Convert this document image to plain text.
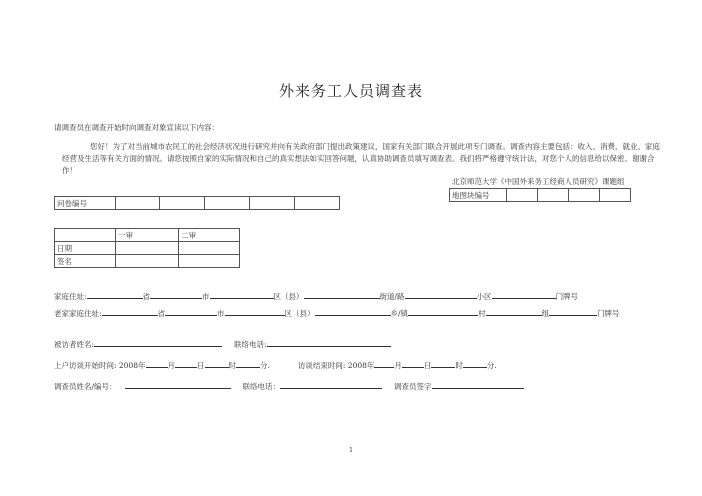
外来务工人员调查表
请调查员在调查开始时向调查对象宣读以下内容：
您好！为了对当前城市农民工的社会经济状况进行研究并向有关政府部门提出政策建议，国家有关部门联合开展此项专门调查。调查内容主要包括：收入、消费、就业、家庭经营及生活等有关方面的情况。请您按照自家的实际情况和自己的真实想法如实回答问题，认真协助调查员填写调查表。我们将严格遵守统计法，对您个人的信息给以保密。谢谢合作！
北京师范大学《中国外来务工经商人员研究》课题组
地图块编号				
问卷编号					
	一审	二审
日期		
签名		
家庭住址:	省	市	区（县）	街道/路	小区	门牌号
老家家庭住址:	省	市	区（县）	乡/镇	村	组	门牌号
被访者姓名:	联络电话:
上户访谈开始时间: 2008年	月	日	时	分.	访谈结束时间: 2008年	月	日	时	分.
调查员姓名/编号：	联络电话：	调查员签字
1
